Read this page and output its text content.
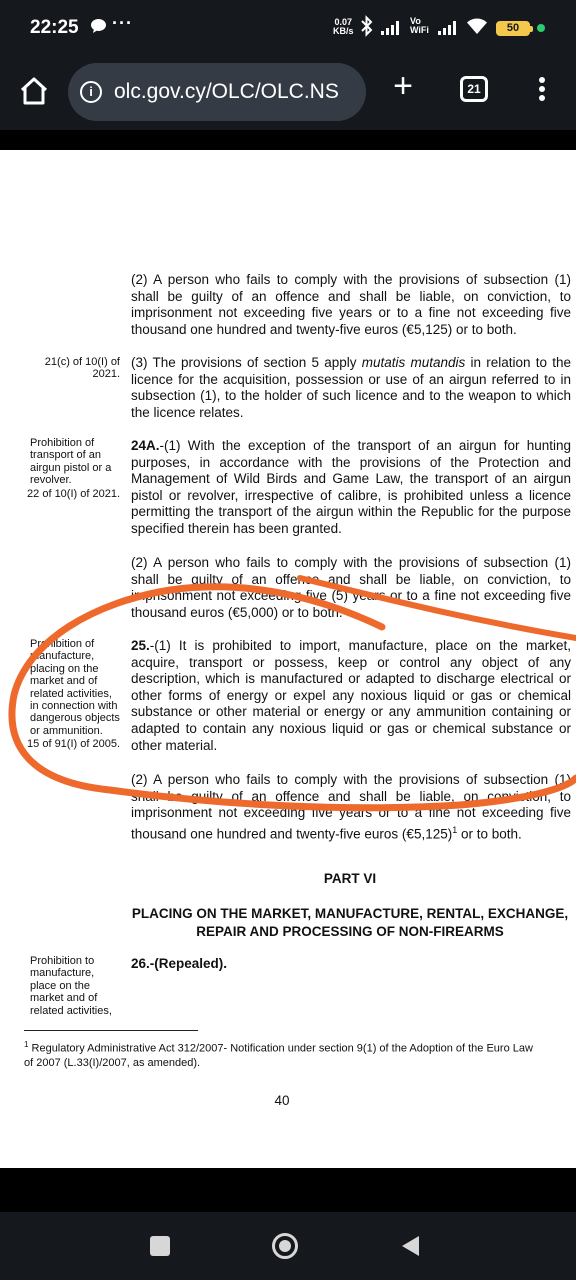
22:25 ···	0.07
KB/s
Vo
WiFi	50
i	olc.gov.cy/OLC/OLC.NS +	21

(2) A person who fails to comply with the provisions of subsection (1) shall be guilty of an offence and shall be liable, on conviction, to imprisonment not exceeding five years or to a fine not exceeding five thousand one hundred and twenty-five euros (€5,125) or to both.

21(c) of 10(I) of 2021.

(3) The provisions of section 5 apply mutatis mutandis in relation to the licence for the acquisition, possession or use of an airgun referred to in subsection (1), to the holder of such licence and to the weapon to which the licence relates.

Prohibition of transport of an airgun pistol or a revolver.
22 of 10(I) of 2021.

24A.-(1) With the exception of the transport of an airgun for hunting purposes, in accordance with the provisions of the Protection and Management of Wild Birds and Game Law, the transport of an airgun pistol or revolver, irrespective of calibre, is prohibited unless a licence permitting the transport of the airgun within the Republic for the purpose specified therein has been granted.

(2) A person who fails to comply with the provisions of subsection (1) shall be guilty of an offence and shall be liable, on conviction, to imprisonment not exceeding five (5) years or to a fine not exceeding five thousand euros (€5,000) or to both.

Prohibition of manufacture, placing on the market and of related activities, in connection with dangerous objects or ammunition.
15 of 91(I) of 2005.

25.-(1) It is prohibited to import, manufacture, place on the market, acquire, transport or possess, keep or control any object of any description, which is manufactured or adapted to discharge electrical or other forms of energy or expel any noxious liquid or gas or chemical substance or other material or energy or any ammunition containing or adapted to contain any noxious liquid or gas or chemical substance or other material.

(2) A person who fails to comply with the provisions of subsection (1) shall be guilty of an offence and shall be liable, on conviction, to imprisonment not exceeding five years or to a fine not exceeding five thousand one hundred and twenty-five euros (€5,125)$^1$ or to both.

PART VI
PLACING ON THE MARKET, MANUFACTURE, RENTAL, EXCHANGE, REPAIR AND PROCESSING OF NON-FIREARMS
Prohibition to manufacture, place on the market and of related activities,

26.-(Repealed).

$^1$ Regulatory Administrative Act 312/2007- Notification under section 9(1) of the Adoption of the Euro Law of 2007 (L.33(I)/2007, as amended).

40
